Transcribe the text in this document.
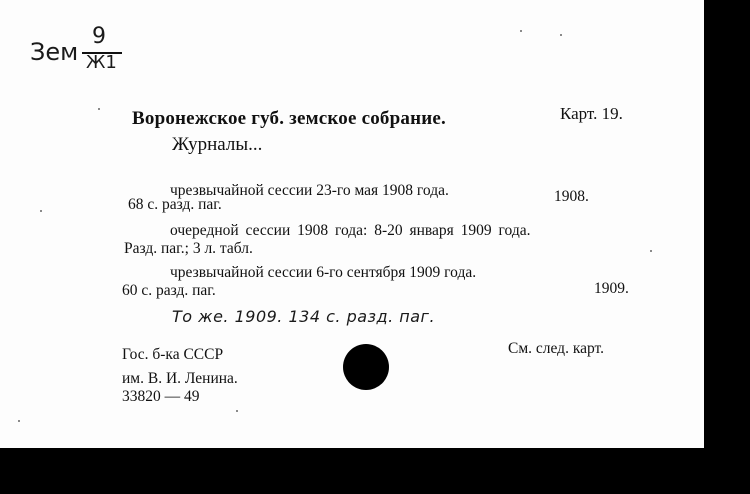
Зем
9
Ж1
Карт. 19.
Воронежское губ. земское собрание.
Журналы...
чрезвычайной сессии 23-го мая 1908 года.	1908.
68 с. разд. паг.
очередной сессии 1908 года: 8-20 января 1909 года.
Разд. паг.; 3 л. табл.
чрезвычайной сессии 6-го сентября 1909 года.
1909.
60 с. разд. паг.
То же. 1909. 134 с. разд. паг.
См. след. карт.
Гос. б-ка СССР
им. В. И. Ленина.
33820 — 49
